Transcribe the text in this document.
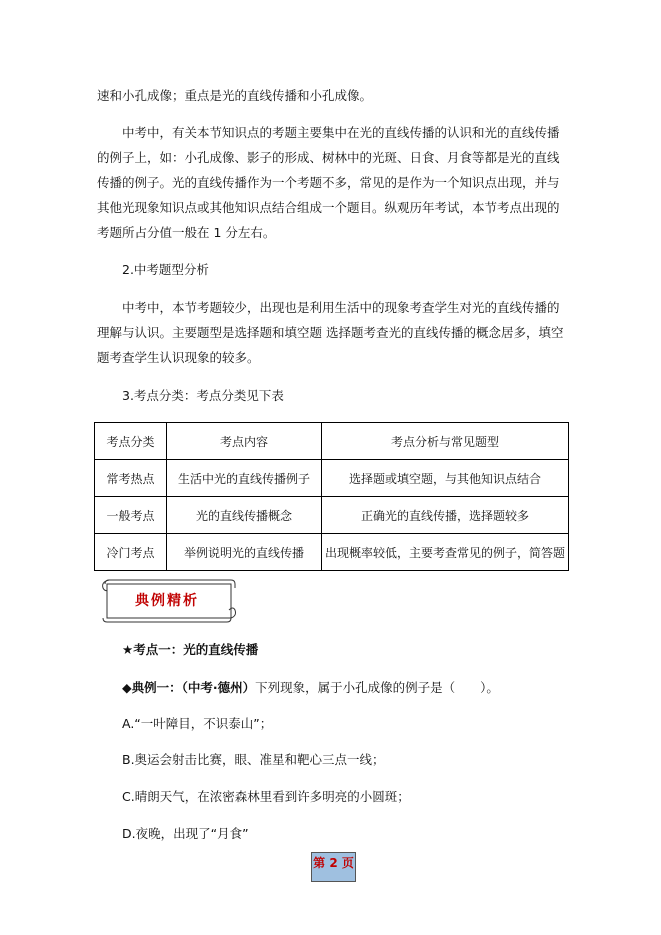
速和小孔成像；重点是光的直线传播和小孔成像。

中考中，有关本节知识点的考题主要集中在光的直线传播的认识和光的直线传播的例子上，如：小孔成像、影子的形成、树林中的光斑、日食、月食等都是光的直线传播的例子。光的直线传播作为一个考题不多，常见的是作为一个知识点出现，并与其他光现象知识点或其他知识点结合组成一个题目。纵观历年考试，本节考点出现的考题所占分值一般在 1 分左右。

2.中考题型分析

中考中，本节考题较少，出现也是利用生活中的现象考查学生对光的直线传播的理解与认识。主要题型是选择题和填空题 选择题考查光的直线传播的概念居多，填空题考查学生认识现象的较多。

3.考点分类：考点分类见下表
考点分类	考点内容	考点分析与常见题型
常考热点	生活中光的直线传播例子	选择题或填空题，与其他知识点结合
一般考点	光的直线传播概念	正确光的直线传播，选择题较多
冷门考点	举例说明光的直线传播	出现概率较低，主要考查常见的例子，简答题
典例精析
★考点一：光的直线传播
◆典例一：（中考·德州）下列现象，属于小孔成像的例子是（　　）。
A.“一叶障目，不识泰山”；
B.奥运会射击比赛，眼、准星和靶心三点一线；
C.晴朗天气，在浓密森林里看到许多明亮的小圆斑；
D.夜晚，出现了“月食”
第 2 页
